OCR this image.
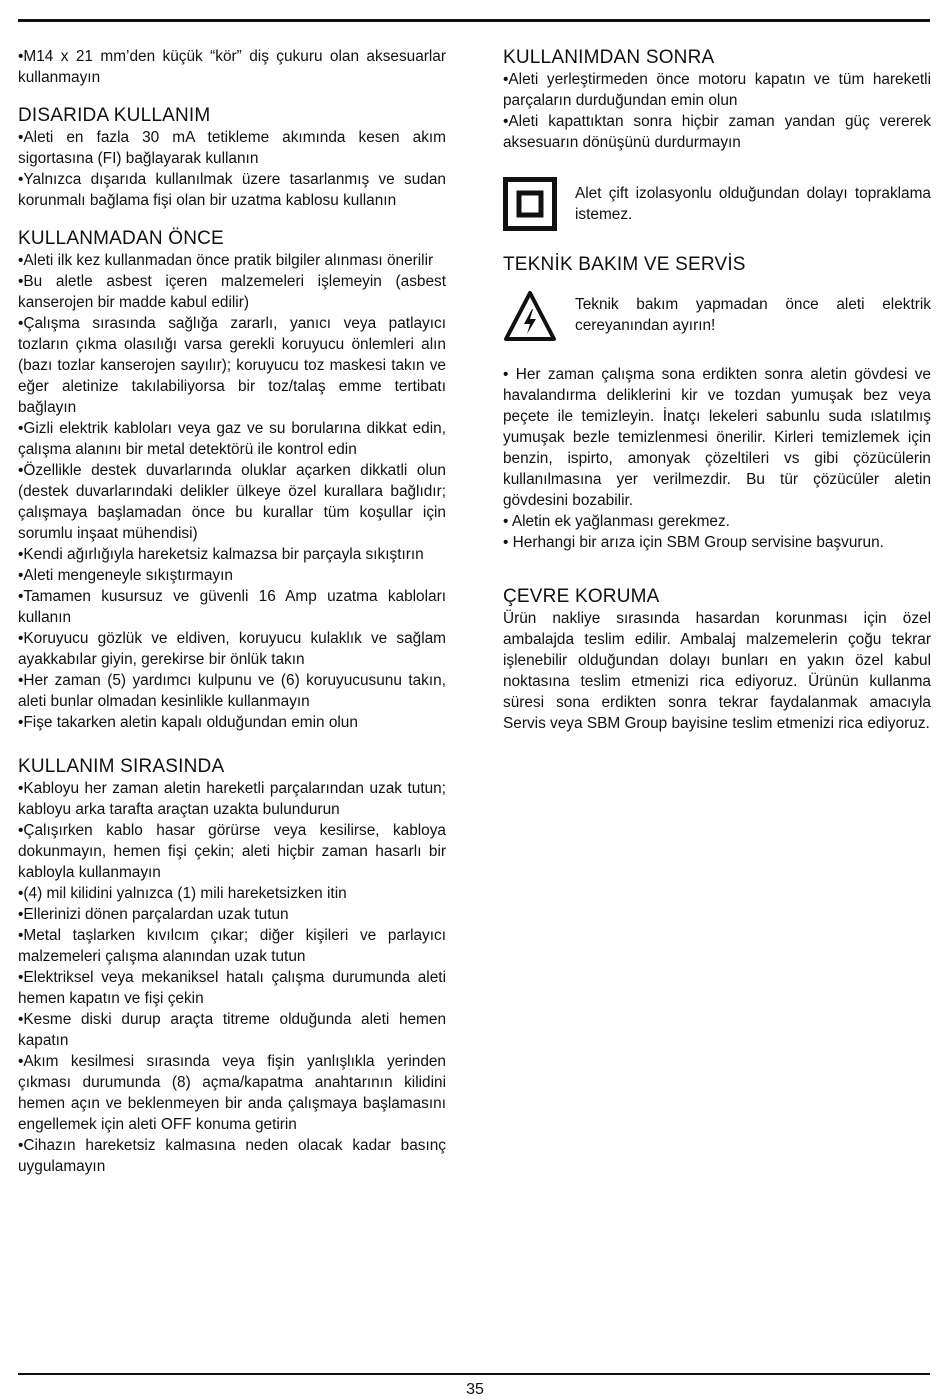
•M14 x 21 mm’den küçük “kör” diş çukuru olan aksesuarlar kullanmayın

DISARIDA KULLANIM

•Aleti en fazla 30 mA tetikleme akımında kesen akım sigortasına (FI) bağlayarak kullanın

•Yalnızca dışarıda kullanılmak üzere tasarlanmış ve sudan korunmalı bağlama fişi olan bir uzatma kablosu kullanın

KULLANMADAN ÖNCE

•Aleti ilk kez kullanmadan önce pratik bilgiler alınması önerilir

•Bu aletle asbest içeren malzemeleri işlemeyin (asbest kanserojen bir madde kabul edilir)

•Çalışma sırasında sağlığa zararlı, yanıcı veya patlayıcı tozların çıkma olasılığı varsa gerekli koruyucu önlemleri alın (bazı tozlar kanserojen sayılır); koruyucu toz maskesi takın ve eğer aletinize takılabiliyorsa bir toz/talaş emme tertibatı bağlayın

•Gizli elektrik kabloları veya gaz ve su borularına dikkat edin, çalışma alanını bir metal detektörü ile kontrol edin

•Özellikle destek duvarlarında oluklar açarken dikkatli olun (destek duvarlarındaki delikler ülkeye özel kurallara bağlıdır; çalışmaya başlamadan önce bu kurallar tüm koşullar için sorumlu inşaat mühendisi)

•Kendi ağırlığıyla hareketsiz kalmazsa bir parçayla sıkıştırın

•Aleti mengeneyle sıkıştırmayın

•Tamamen kusursuz ve güvenli 16 Amp uzatma kabloları kullanın

•Koruyucu gözlük ve eldiven, koruyucu kulaklık ve sağlam ayakkabılar giyin, gerekirse bir önlük takın

•Her zaman (5) yardımcı kulpunu ve (6) koruyucusunu takın, aleti bunlar olmadan kesinlikle kullanmayın

•Fişe takarken aletin kapalı olduğundan emin olun

KULLANIM SIRASINDA

•Kabloyu her zaman aletin hareketli parçalarından uzak tutun; kabloyu arka tarafta araçtan uzakta bulundurun

•Çalışırken kablo hasar görürse veya kesilirse, kabloya dokunmayın, hemen fişi çekin; aleti hiçbir zaman hasarlı bir kabloyla kullanmayın

•(4) mil kilidini yalnızca (1) mili hareketsizken itin

•Ellerinizi dönen parçalardan uzak tutun

•Metal taşlarken kıvılcım çıkar; diğer kişileri ve parlayıcı malzemeleri çalışma alanından uzak tutun

•Elektriksel veya mekaniksel hatalı çalışma durumunda aleti hemen kapatın ve fişi çekin

•Kesme diski durup araçta titreme olduğunda aleti hemen kapatın

•Akım kesilmesi sırasında veya fişin yanlışlıkla yerinden çıkması durumunda (8) açma/kapatma anahtarının kilidini hemen açın ve beklenmeyen bir anda çalışmaya başlamasını engellemek için aleti OFF konuma getirin

•Cihazın hareketsiz kalmasına neden olacak kadar basınç uygulamayın

KULLANIMDAN SONRA

•Aleti yerleştirmeden önce motoru kapatın ve tüm hareketli parçaların durduğundan emin olun

•Aleti kapattıktan sonra hiçbir zaman yandan güç vererek aksesuarın dönüşünü durdurmayın

Alet çift izolasyonlu olduğundan dolayı topraklama istemez.
TEKNİK BAKIM VE SERVİS
Teknik bakım yapmadan önce aleti elektrik cereyanından ayırın!

• Her zaman çalışma sona erdikten sonra aletin gövdesi ve havalandırma deliklerini kir ve tozdan yumuşak bez veya peçete ile temizleyin. İnatçı lekeleri sabunlu suda ıslatılmış yumuşak bezle temizlenmesi önerilir. Kirleri temizlemek için benzin, ispirto, amonyak çözeltileri vs gibi çözücülerin kullanılmasına yer verilmezdir. Bu tür çözücüler aletin gövdesini bozabilir.

• Aletin ek yağlanması gerekmez.

• Herhangi bir arıza için SBM Group servisine başvurun.

ÇEVRE KORUMA

Ürün nakliye sırasında hasardan korunması için özel ambalajda teslim edilir. Ambalaj malzemelerin çoğu tekrar işlenebilir olduğundan dolayı bunları en yakın özel kabul noktasına teslim etmenizi rica ediyoruz. Ürünün kullanma süresi sona erdikten sonra tekrar faydalanmak amacıyla Servis veya SBM Group bayisine teslim etmenizi rica ediyoruz.

35
